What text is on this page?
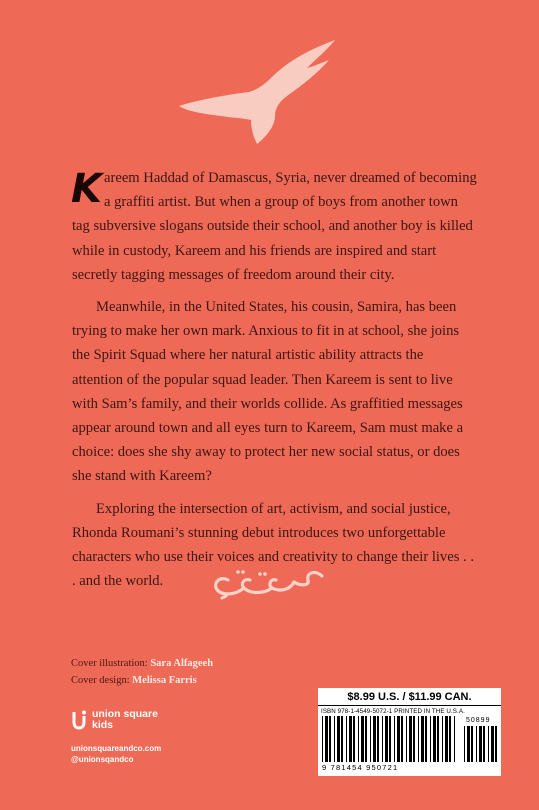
Kareem Haddad of Damascus, Syria, never dreamed of becoming a graffiti artist. But when a group of boys from another town tag subversive slogans outside their school, and another boy is killed while in custody, Kareem and his friends are inspired and start secretly tagging messages of freedom around their city.

Meanwhile, in the United States, his cousin, Samira, has been trying to make her own mark. Anxious to fit in at school, she joins the Spirit Squad where her natural artistic ability attracts the attention of the popular squad leader. Then Kareem is sent to live with Sam’s family, and their worlds collide. As graffitied messages appear around town and all eyes turn to Kareem, Sam must make a choice: does she shy away to protect her new social status, or does she stand with Kareem?

Exploring the intersection of art, activism, and social justice, Rhonda Roumani’s stunning debut introduces two unforgettable characters who use their voices and creativity to change their lives . . . and the world.

Cover illustration: Sara Alfageeh
Cover design: Melissa Farris
union square
kids
unionsquareandco.com
@unionsqandco
$8.99 U.S. / $11.99 CAN.
ISBN 978-1-4549-5072-1 PRINTED IN THE U.S.A.
9 781454 950721
50899
